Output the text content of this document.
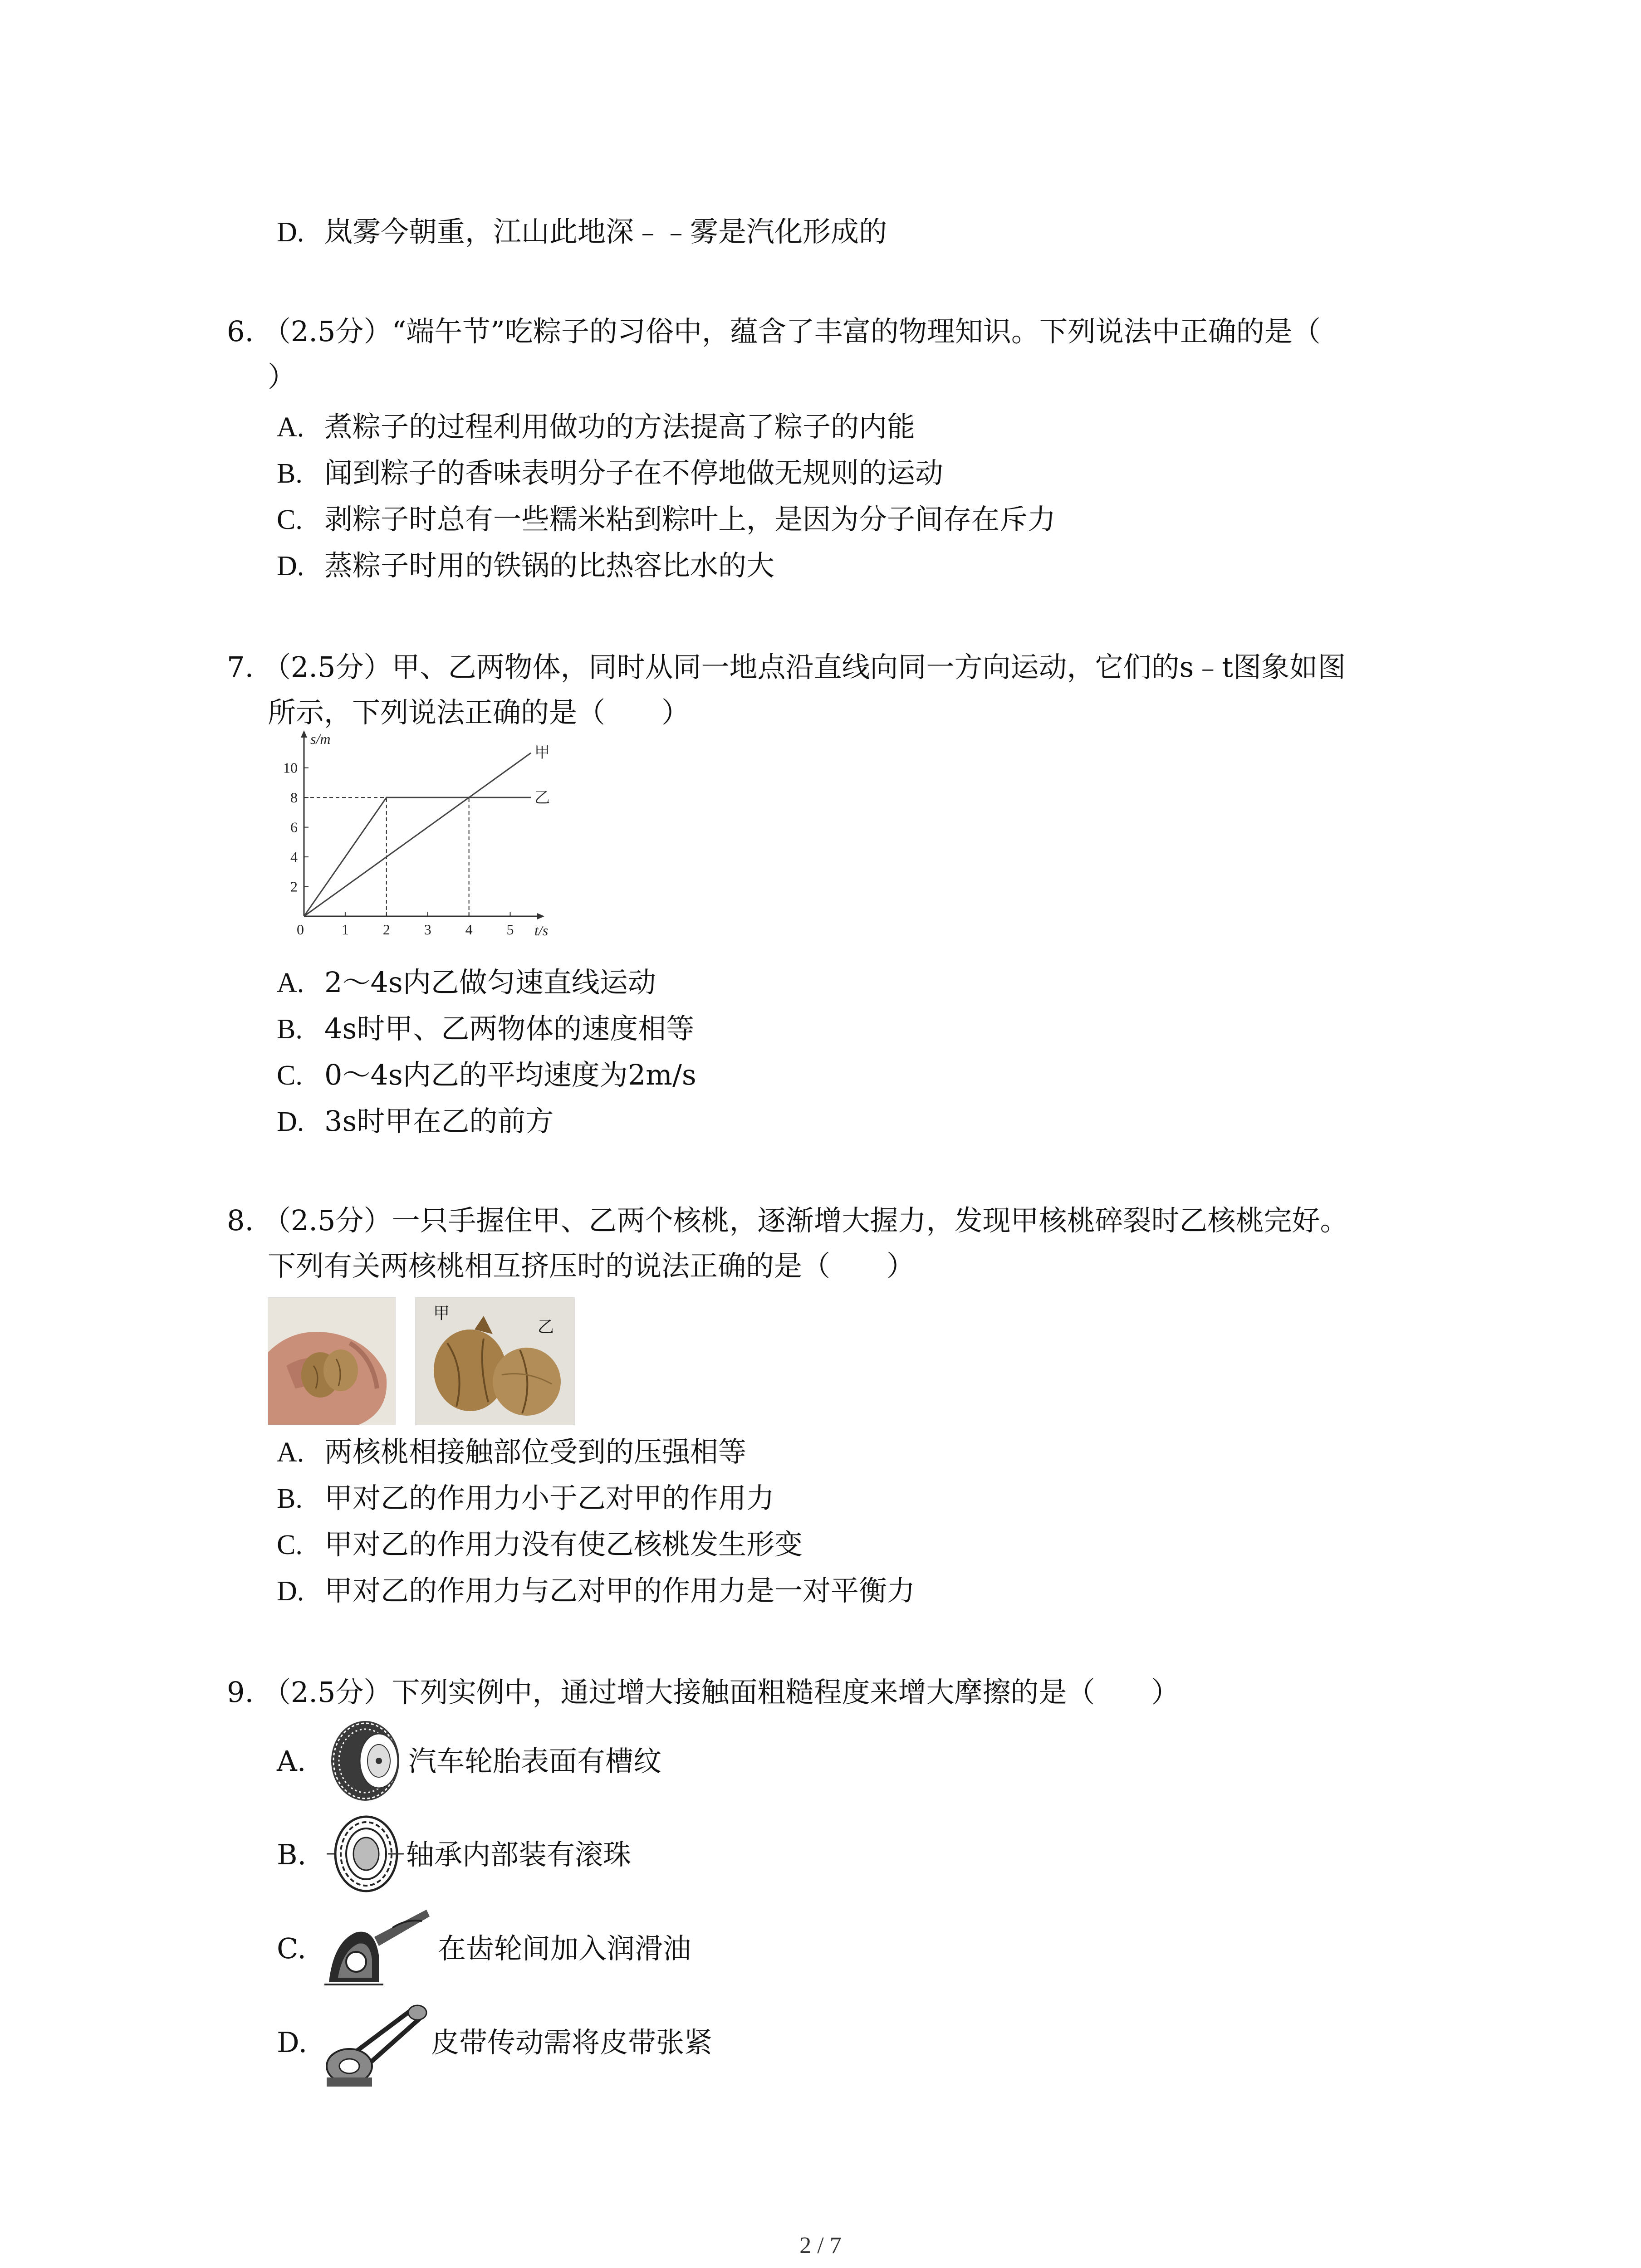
D. 岚雾今朝重，江山此地深﹣﹣雾是汽化形成的
6. （2.5分）“端午节”吃粽子的习俗中，蕴含了丰富的物理知识。下列说法中正确的是（
）
A. 煮粽子的过程利用做功的方法提高了粽子的内能
B. 闻到粽子的香味表明分子在不停地做无规则的运动
C. 剥粽子时总有一些糯米粘到粽叶上，是因为分子间存在斥力
D. 蒸粽子时用的铁锅的比热容比水的大
7. （2.5分）甲、乙两物体，同时从同一地点沿直线向同一方向运动，它们的s﹣t图象如图
所示，下列说法正确的是（　　）
0	1 2 3 4 5
2
4
6
8
10
t/s
s/m
甲
乙
A. 2～4s内乙做匀速直线运动
B. 4s时甲、乙两物体的速度相等
C. 0～4s内乙的平均速度为2m/s
D. 3s时甲在乙的前方
8. （2.5分）一只手握住甲、乙两个核桃，逐渐增大握力，发现甲核桃碎裂时乙核桃完好。
下列有关两核桃相互挤压时的说法正确的是（　　）
甲
乙
A. 两核桃相接触部位受到的压强相等
B. 甲对乙的作用力小于乙对甲的作用力
C. 甲对乙的作用力没有使乙核桃发生形变
D. 甲对乙的作用力与乙对甲的作用力是一对平衡力
9. （2.5分）下列实例中，通过增大接触面粗糙程度来增大摩擦的是（　　）
A.	汽车轮胎表面有槽纹
B.	轴承内部装有滚珠
C.	在齿轮间加入润滑油
D.	皮带传动需将皮带张紧
2 / 7
